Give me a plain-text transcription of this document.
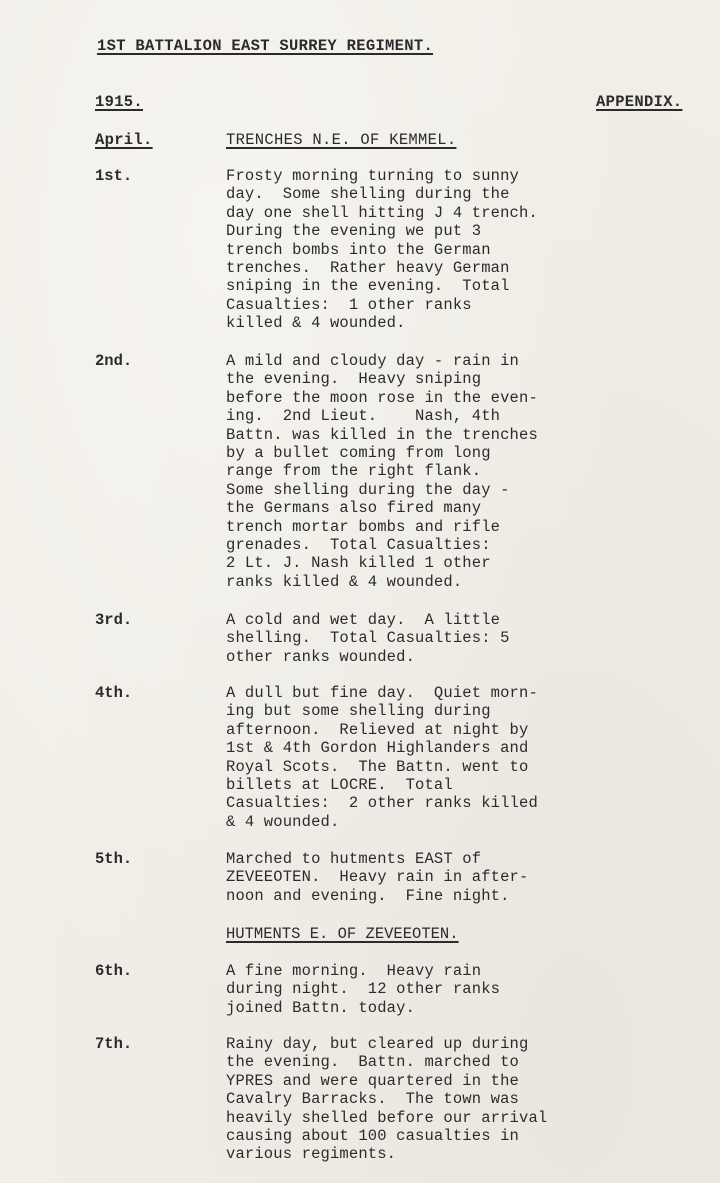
1ST BATTALION EAST SURREY REGIMENT.
1915.	APPENDIX.
April.	TRENCHES N.E. OF KEMMEL.
1st.	Frosty morning turning to sunny
day.  Some shelling during the
day one shell hitting J 4 trench.
During the evening we put 3
trench bombs into the German
trenches.  Rather heavy German
sniping in the evening.  Total
Casualties:  1 other ranks
killed & 4 wounded.
2nd.	A mild and cloudy day - rain in
the evening.  Heavy sniping
before the moon rose in the even-
ing.  2nd Lieut.    Nash, 4th
Battn. was killed in the trenches
by a bullet coming from long
range from the right flank.
Some shelling during the day -
the Germans also fired many
trench mortar bombs and rifle
grenades.  Total Casualties:
2 Lt. J. Nash killed 1 other
ranks killed & 4 wounded.
3rd.	A cold and wet day.  A little
shelling.  Total Casualties: 5
other ranks wounded.
4th.	A dull but fine day.  Quiet morn-
ing but some shelling during
afternoon.  Relieved at night by
1st & 4th Gordon Highlanders and
Royal Scots.  The Battn. went to
billets at LOCRE.  Total
Casualties:  2 other ranks killed
& 4 wounded.
5th.	Marched to hutments EAST of
ZEVEEOTEN.  Heavy rain in after-
noon and evening.  Fine night.
HUTMENTS E. OF ZEVEEOTEN.
6th.	A fine morning.  Heavy rain
during night.  12 other ranks
joined Battn. today.
7th.	Rainy day, but cleared up during
the evening.  Battn. marched to
YPRES and were quartered in the
Cavalry Barracks.  The town was
heavily shelled before our arrival
causing about 100 casualties in
various regiments.
